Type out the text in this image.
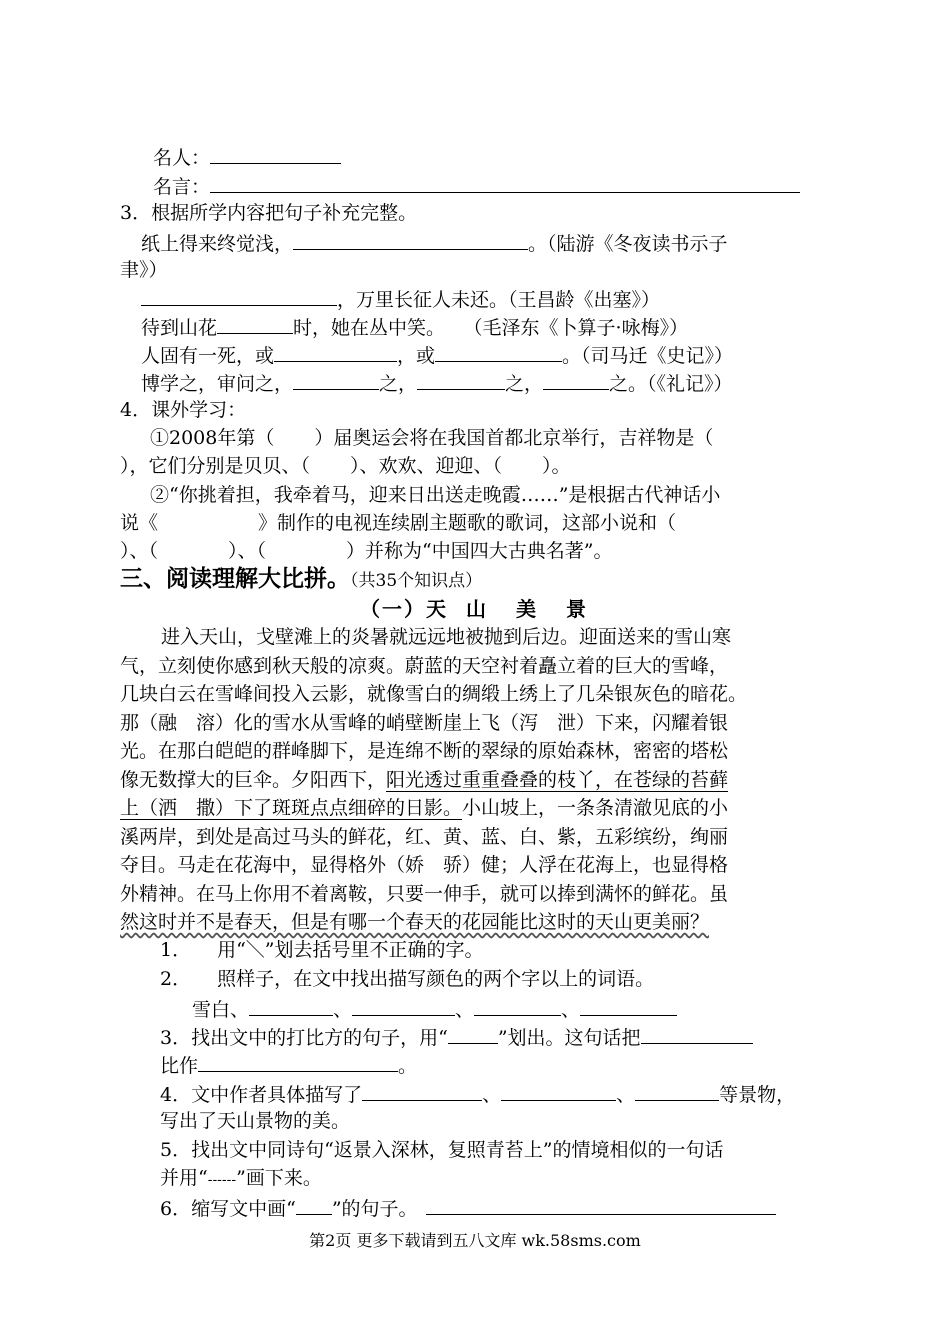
名人：
名言：
3．根据所学内容把句子补充完整。
纸上得来终觉浅，	。（陆游《冬夜读书示子
聿》）
，万里长征人未还。（王昌龄《出塞》）
待到山花	时，她在丛中笑。 （毛泽东《卜算子·咏梅》）
人固有一死，或	，或	。（司马迁《史记》）
博学之，审问之，	之，	之，	之。（《礼记》）
4．课外学习：
①2008年第（ ）届奥运会将在我国首都北京举行，吉祥物是（
），它们分别是贝贝、（ ）、欢欢、迎迎、（ ）。
②“你挑着担，我牵着马，迎来日出送走晚霞……”是根据古代神话小
说《	》制作的电视连续剧主题歌的歌词，这部小说和（
）、（	）、（	）并称为“中国四大古典名著”。
三、阅读理解大比拼。（共35个知识点）
（一）天 山 美 景
进入天山，戈壁滩上的炎暑就远远地被抛到后边。迎面送来的雪山寒
气，立刻使你感到秋天般的凉爽。蔚蓝的天空衬着矗立着的巨大的雪峰，
几块白云在雪峰间投入云影，就像雪白的绸缎上绣上了几朵银灰色的暗花。
那（融　溶）化的雪水从雪峰的峭壁断崖上飞（泻　泄）下来，闪耀着银
光。在那白皑皑的群峰脚下，是连绵不断的翠绿的原始森林，密密的塔松
像无数撑大的巨伞。夕阳西下，阳光透过重重叠叠的枝丫，在苍绿的苔藓
上（洒　撒）下了斑斑点点细碎的日影。小山坡上，一条条清澈见底的小
溪两岸，到处是高过马头的鲜花，红、黄、蓝、白、紫，五彩缤纷，绚丽
夺目。马走在花海中，显得格外（娇　骄）健；人浮在花海上，也显得格
外精神。在马上你用不着离鞍，只要一伸手，就可以捧到满怀的鲜花。虽
然这时并不是春天，但是有哪一个春天的花园能比这时的天山更美丽？
1． 用“＼”划去括号里不正确的字。
2． 照样子，在文中找出描写颜色的两个字以上的词语。
雪白、	、	、	、
3．找出文中的打比方的句子，用“	”划出。这句话把
比作	。
4．文中作者具体描写了	、	、	等景物，
写出了天山景物的美。
5．找出文中同诗句“返景入深林，复照青苔上”的情境相似的一句话
并用“------”画下来。
6．缩写文中画“ ”的句子。
第2页 更多下载请到五八文库 wk.58sms.com
